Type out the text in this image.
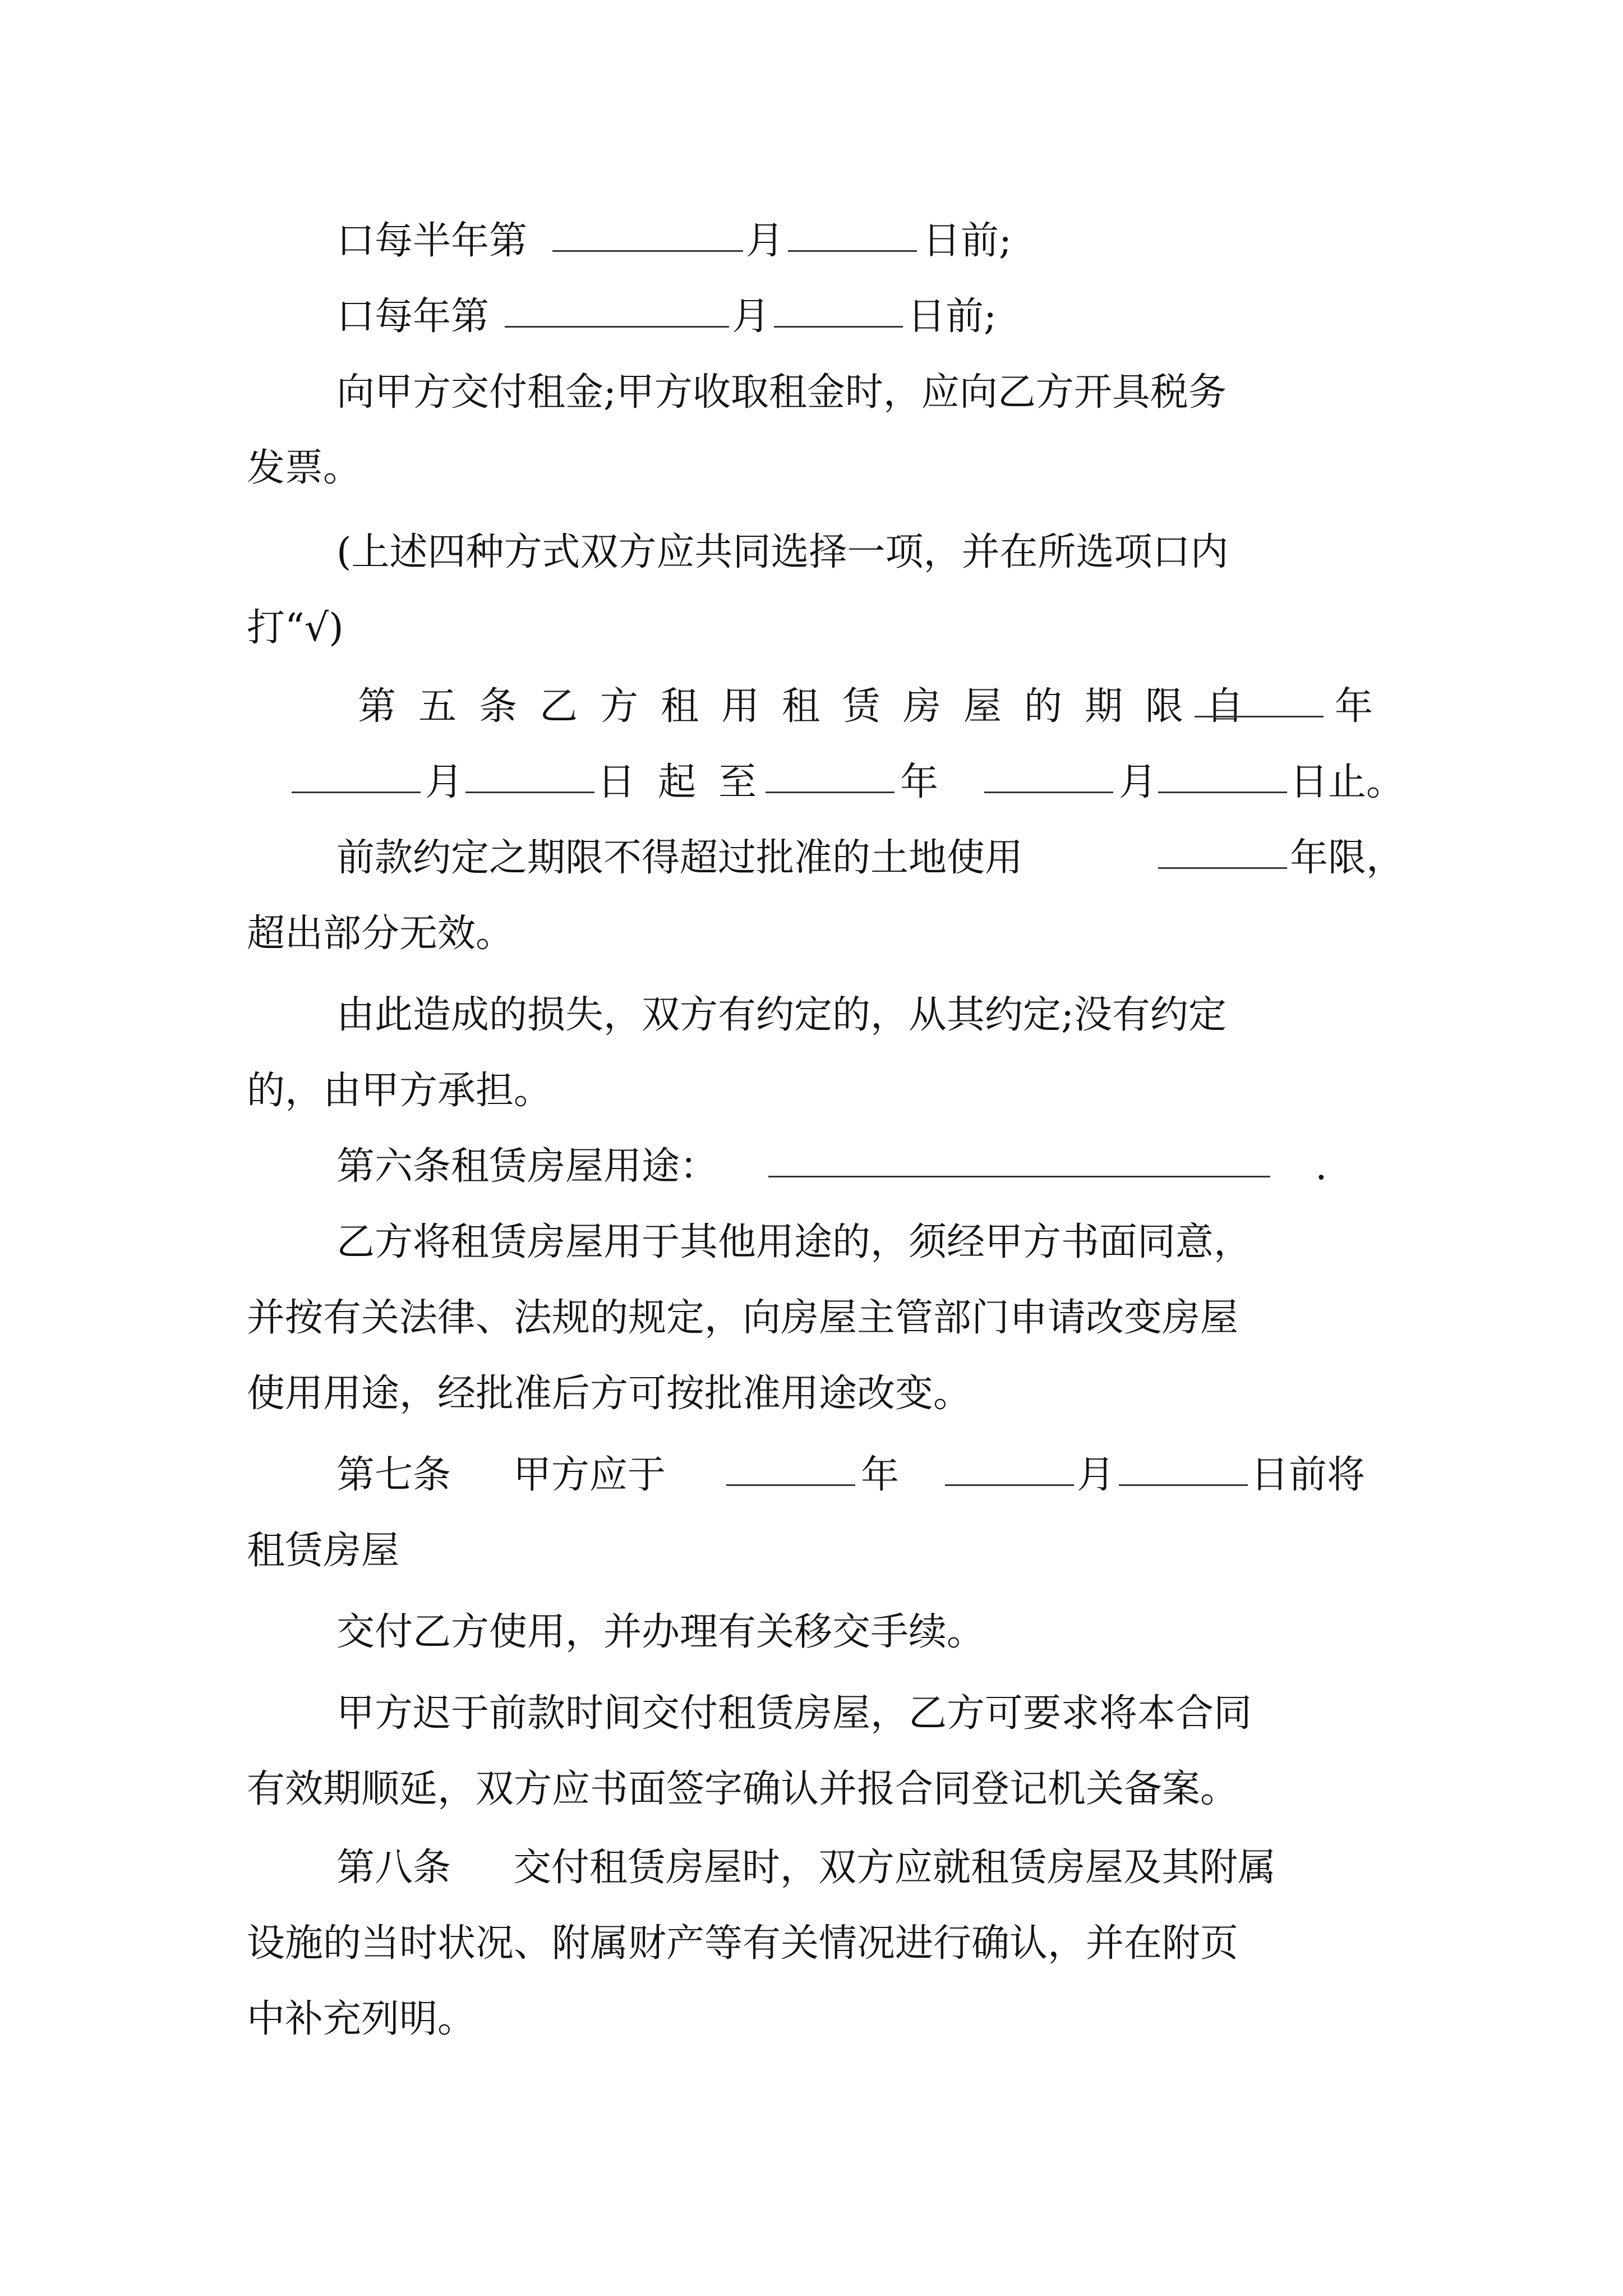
口每半年第	月	日前;
口每年第	月	日前;
向甲方交付租金;甲方收取租金时，应向乙方开具税务
发票。
(上述四种方式双方应共同选择一项，并在所选项口内
打“√)
第五条乙方租用租赁房屋的期限自 年
月	日起至	年	月	日止。
前款约定之期限不得超过批准的土地使用	年限，
超出部分无效。
由此造成的损失，双方有约定的，从其约定;没有约定
的，由甲方承担。
第六条租赁房屋用途：	.
乙方将租赁房屋用于其他用途的，须经甲方书面同意，
并按有关法律、法规的规定，向房屋主管部门申请改变房屋
使用用途，经批准后方可按批准用途改变。
第七条 甲方应于	年	月	日前将
租赁房屋
交付乙方使用，并办理有关移交手续。
甲方迟于前款时间交付租赁房屋，乙方可要求将本合同
有效期顺延，双方应书面签字确认并报合同登记机关备案。
第八条 交付租赁房屋时，双方应就租赁房屋及其附属
设施的当时状况、附属财产等有关情况进行确认，并在附页
中补充列明。
